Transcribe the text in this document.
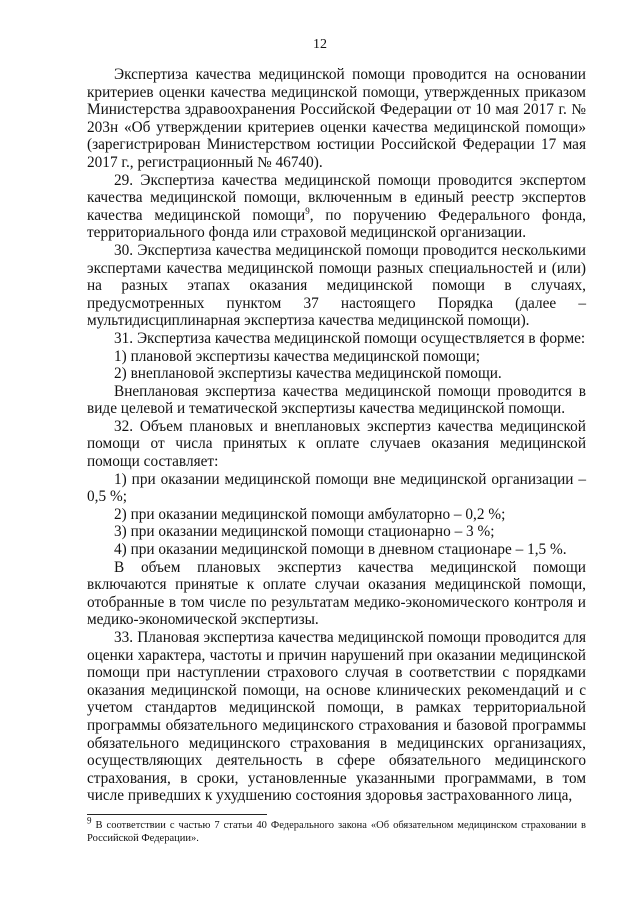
12

Экспертиза качества медицинской помощи проводится на основании критериев оценки качества медицинской помощи, утвержденных приказом Министерства здравоохранения Российской Федерации от 10 мая 2017 г. № 203н «Об утверждении критериев оценки качества медицинской помощи» (зарегистрирован Министерством юстиции Российской Федерации 17 мая 2017 г., регистрационный № 46740).

29. Экспертиза качества медицинской помощи проводится экспертом качества медицинской помощи, включенным в единый реестр экспертов качества медицинской помощи$^9$, по поручению Федерального фонда, территориального фонда или страховой медицинской организации.

30. Экспертиза качества медицинской помощи проводится несколькими экспертами качества медицинской помощи разных специальностей и (или) на разных этапах оказания медицинской помощи в случаях, предусмотренных пунктом 37 настоящего Порядка (далее – мультидисциплинарная экспертиза качества медицинской помощи).

31. Экспертиза качества медицинской помощи осуществляется в форме:

1) плановой экспертизы качества медицинской помощи;

2) внеплановой экспертизы качества медицинской помощи.

Внеплановая экспертиза качества медицинской помощи проводится в виде целевой и тематической экспертизы качества медицинской помощи.

32. Объем плановых и внеплановых экспертиз качества медицинской помощи от числа принятых к оплате случаев оказания медицинской помощи составляет:

1) при оказании медицинской помощи вне медицинской организации – 0,5 %;

2) при оказании медицинской помощи амбулаторно – 0,2 %;

3) при оказании медицинской помощи стационарно – 3 %;

4) при оказании медицинской помощи в дневном стационаре – 1,5 %.

В объем плановых экспертиз качества медицинской помощи включаются принятые к оплате случаи оказания медицинской помощи, отобранные в том числе по результатам медико-экономического контроля и медико-экономической экспертизы.

33. Плановая экспертиза качества медицинской помощи проводится для оценки характера, частоты и причин нарушений при оказании медицинской помощи при наступлении страхового случая в соответствии с порядками оказания медицинской помощи, на основе клинических рекомендаций и с учетом стандартов медицинской помощи, в рамках территориальной программы обязательного медицинского страхования и базовой программы обязательного медицинского страхования в медицинских организациях, осуществляющих деятельность в сфере обязательного медицинского страхования, в сроки, установленные указанными программами, в том числе приведших к ухудшению состояния здоровья застрахованного лица,

$^9$ В соответствии с частью 7 статьи 40 Федерального закона «Об обязательном медицинском страховании в Российской Федерации».
